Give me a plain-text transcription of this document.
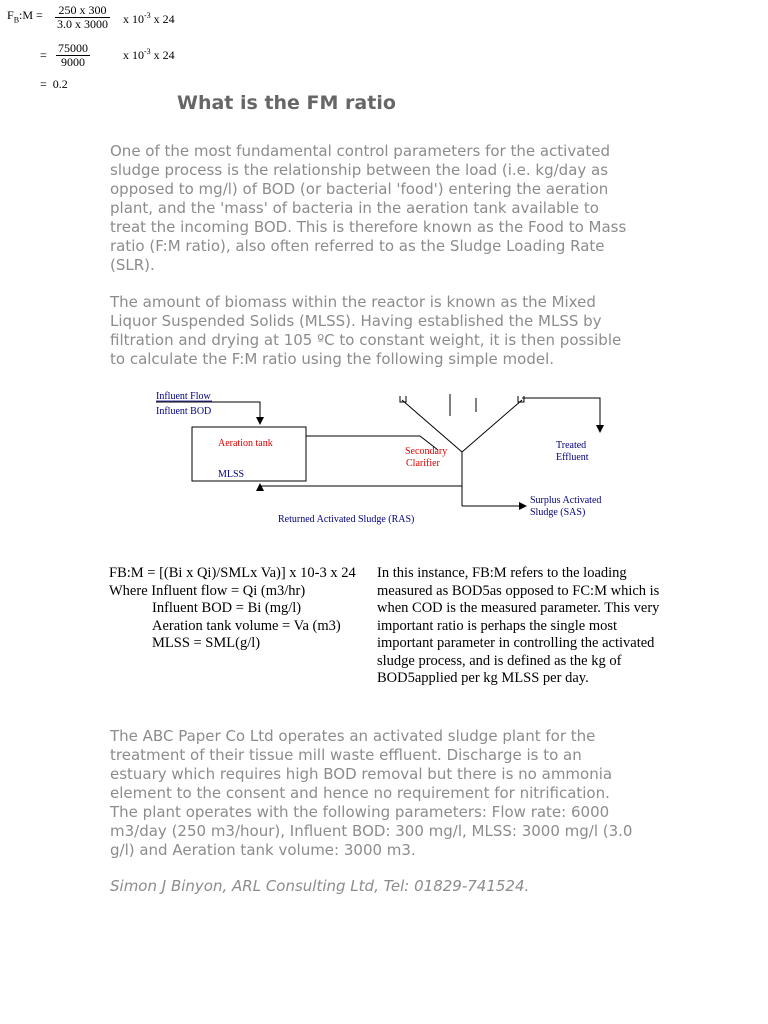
$F_B:M = \frac{250 x 300}{3.0 x 3000}$ x $10^{-3}$ x 24
= $\frac{75000}{9000}$	x $10^{-3}$ x 24
= 0.2
What is the FM ratio

One of the most fundamental control parameters for the activated sludge process is the relationship between the load (i.e. kg/day as opposed to mg/l) of BOD (or bacterial 'food') entering the aeration plant, and the 'mass' of bacteria in the aeration tank available to treat the incoming BOD. This is therefore known as the Food to Mass ratio (F:M ratio), also often referred to as the Sludge Loading Rate (SLR).

The amount of biomass within the reactor is known as the Mixed Liquor Suspended Solids (MLSS). Having established the MLSS by filtration and drying at 105 ºC to constant weight, it is then possible to calculate the F:M ratio using the following simple model.

Influent Flow
Influent BOD
Aeration tank
MLSS
Secondary
Clarifier
Treated
Effluent
Surplus Activated
Sludge (SAS)
Returned Activated Sludge (RAS)
FB:M = [(Bi x Qi)/SMLx Va)] x 10-3 x 24
Where Influent flow = Qi (m3/hr)
Influent BOD = Bi (mg/l)
Aeration tank volume = Va (m3)
MLSS = SML(g/l)
In this instance, FB:M refers to the loading measured as BOD5as opposed to FC:M which is when COD is the measured parameter. This very important ratio is perhaps the single most important parameter in controlling the activated sludge process, and is defined as the kg of BOD5applied per kg MLSS per day.

The ABC Paper Co Ltd operates an activated sludge plant for the treatment of their tissue mill waste effluent. Discharge is to an estuary which requires high BOD removal but there is no ammonia element to the consent and hence no requirement for nitrification. The plant operates with the following parameters: Flow rate: 6000 m3/day (250 m3/hour), Influent BOD: 300 mg/l, MLSS: 3000 mg/l (3.0 g/l) and Aeration tank volume: 3000 m3.

Simon J Binyon, ARL Consulting Ltd, Tel: 01829-741524.
